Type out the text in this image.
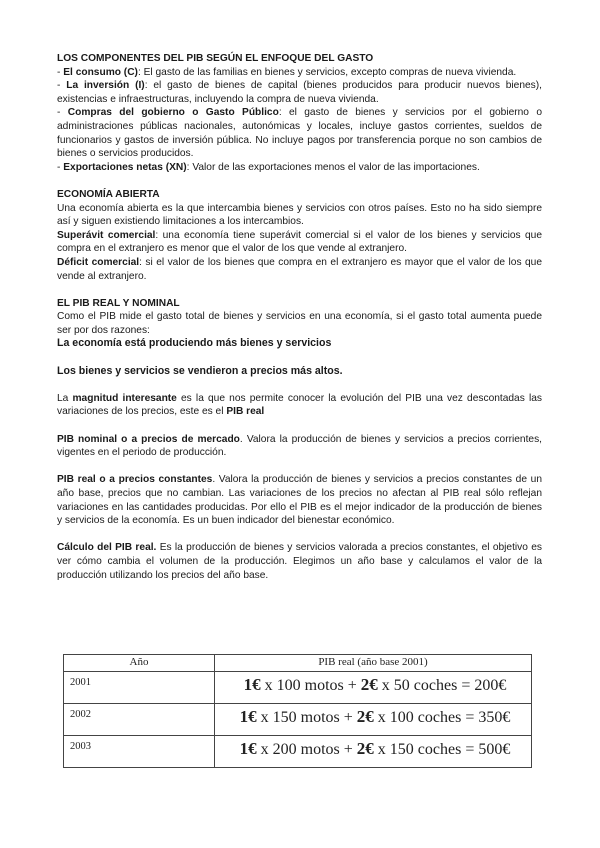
LOS COMPONENTES DEL PIB SEGÚN EL ENFOQUE DEL GASTO

- El consumo (C): El gasto de las familias en bienes y servicios, excepto compras de nueva vivienda.

- La inversión (I): el gasto de bienes de capital (bienes producidos para producir nuevos bienes), existencias e infraestructuras, incluyendo la compra de nueva vivienda.

- Compras del gobierno o Gasto Público: el gasto de bienes y servicios por el gobierno o administraciones públicas nacionales, autonómicas y locales, incluye gastos corrientes, sueldos de funcionarios y gastos de inversión pública. No incluye pagos por transferencia porque no son cambios de bienes o servicios producidos.

- Exportaciones netas (XN): Valor de las exportaciones menos el valor de las importaciones.

ECONOMÍA ABIERTA

Una economía abierta es la que intercambia bienes y servicios con otros países. Esto no ha sido siempre así y siguen existiendo limitaciones a los intercambios.

Superávit comercial: una economía tiene superávit comercial si el valor de los bienes y servicios que compra en el extranjero es menor que el valor de los que vende al extranjero.

Déficit comercial: si el valor de los bienes que compra en el extranjero es mayor que el valor de los que vende al extranjero.

EL PIB REAL Y NOMINAL

Como el PIB mide el gasto total de bienes y servicios en una economía, si el gasto total aumenta puede ser por dos razones:

La economía está produciendo más bienes y servicios

Los bienes y servicios se vendieron a precios más altos.

La magnitud interesante es la que nos permite conocer la evolución del PIB una vez descontadas las variaciones de los precios, este es el PIB real

PIB nominal o a precios de mercado. Valora la producción de bienes y servicios a precios corrientes, vigentes en el periodo de producción.

PIB real o a precios constantes. Valora la producción de bienes y servicios a precios constantes de un año base, precios que no cambian. Las variaciones de los precios no afectan al PIB real sólo reflejan variaciones en las cantidades producidas. Por ello el PIB es el mejor indicador de la producción de bienes y servicios de la economía. Es un buen indicador del bienestar económico.

Cálculo del PIB real. Es la producción de bienes y servicios valorada a precios constantes, el objetivo es ver cómo cambia el volumen de la producción. Elegimos un año base y calculamos el valor de la producción utilizando los precios del año base.

Año	PIB real (año base 2001)
2001	1€ x 100 motos + 2€ x 50 coches = 200€
2002	1€ x 150 motos + 2€ x 100 coches = 350€
2003	1€ x 200 motos + 2€ x 150 coches = 500€
